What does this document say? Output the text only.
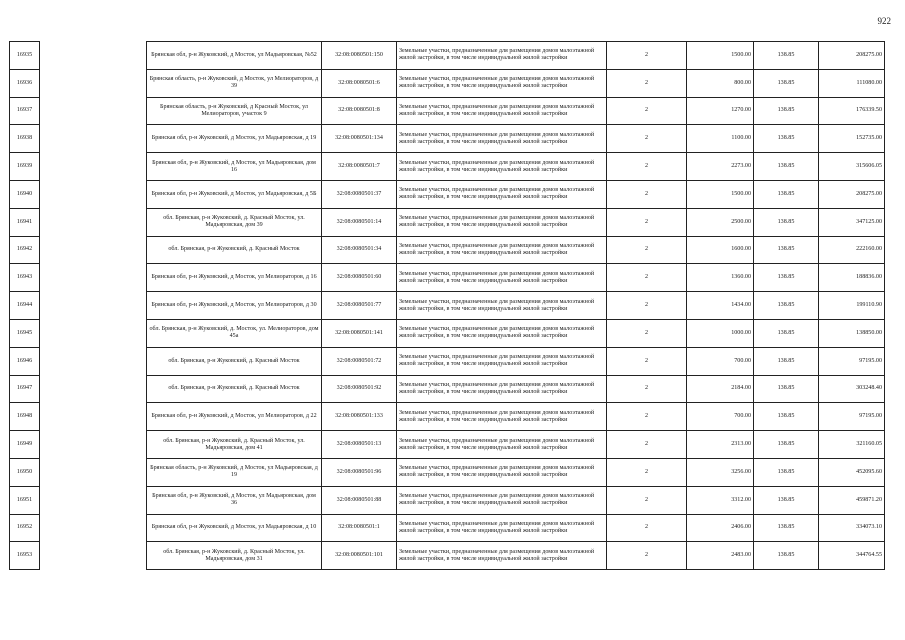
922
16935		Брянская обл, р-н Жуковский, д Мосток, ул Мадьяровская, №52	32:08:0080501:150	Земельные участки, предназначенные для размещения домов малоэтажной жилой застройки, в том числе индивидуальной жилой застройки	2	1500.00	138.85	208275.00
16936		Брянская область, р-н Жуковский, д Мосток, ул Мелиораторов, д 39	32:08:0080501:6	Земельные участки, предназначенные для размещения домов малоэтажной жилой застройки, в том числе индивидуальной жилой застройки	2	800.00	138.85	111080.00
16937		Брянская область, р-н Жуковский, д Красный Мосток, ул Мелиораторов, участок 9	32:08:0080501:8	Земельные участки, предназначенные для размещения домов малоэтажной жилой застройки, в том числе индивидуальной жилой застройки	2	1270.00	138.85	176339.50
16938		Брянская обл, р-н Жуковский, д Мосток, ул Мадьяровская, д 19	32:08:0080501:134	Земельные участки, предназначенные для размещения домов малоэтажной жилой застройки, в том числе индивидуальной жилой застройки	2	1100.00	138.85	152735.00
16939		Брянская обл, р-н Жуковский, д Мосток, ул Мадьяровская, дом 16	32:08:0080501:7	Земельные участки, предназначенные для размещения домов малоэтажной жилой застройки, в том числе индивидуальной жилой застройки	2	2273.00	138.85	315606.05
16940		Брянская обл, р-н Жуковский, д Мосток, ул Мадьяровская, д 5Б	32:08:0080501:37	Земельные участки, предназначенные для размещения домов малоэтажной жилой застройки, в том числе индивидуальной жилой застройки	2	1500.00	138.85	208275.00
16941		обл. Брянская, р-н Жуковский, д. Красный Мосток, ул. Мадьяровская, дом 39	32:08:0080501:14	Земельные участки, предназначенные для размещения домов малоэтажной жилой застройки, в том числе индивидуальной жилой застройки	2	2500.00	138.85	347125.00
16942		обл. Брянская, р-н Жуковский, д. Красный Мосток	32:08:0080501:34	Земельные участки, предназначенные для размещения домов малоэтажной жилой застройки, в том числе индивидуальной жилой застройки	2	1600.00	138.85	222160.00
16943		Брянская обл, р-н Жуковский, д Мосток, ул Мелиораторов, д 16	32:08:0080501:60	Земельные участки, предназначенные для размещения домов малоэтажной жилой застройки, в том числе индивидуальной жилой застройки	2	1360.00	138.85	188836.00
16944		Брянская обл, р-н Жуковский, д Мосток, ул Мелиораторов, д 30	32:08:0080501:77	Земельные участки, предназначенные для размещения домов малоэтажной жилой застройки, в том числе индивидуальной жилой застройки	2	1434.00	138.85	199110.90
16945		обл. Брянская, р-н Жуковский, д. Мосток, ул. Мелиораторов, дом 45а	32:08:0080501:141	Земельные участки, предназначенные для размещения домов малоэтажной жилой застройки, в том числе индивидуальной жилой застройки	2	1000.00	138.85	138850.00
16946		обл. Брянская, р-н Жуковский, д. Красный Мосток	32:08:0080501:72	Земельные участки, предназначенные для размещения домов малоэтажной жилой застройки, в том числе индивидуальной жилой застройки	2	700.00	138.85	97195.00
16947		обл. Брянская, р-н Жуковский, д. Красный Мосток	32:08:0080501:92	Земельные участки, предназначенные для размещения домов малоэтажной жилой застройки, в том числе индивидуальной жилой застройки	2	2184.00	138.85	303248.40
16948		Брянская обл, р-н Жуковский, д Мосток, ул Мелиораторов, д 22	32:08:0080501:133	Земельные участки, предназначенные для размещения домов малоэтажной жилой застройки, в том числе индивидуальной жилой застройки	2	700.00	138.85	97195.00
16949		обл. Брянская, р-н Жуковский, д. Красный Мосток, ул. Мадьяровская, дом 41	32:08:0080501:13	Земельные участки, предназначенные для размещения домов малоэтажной жилой застройки, в том числе индивидуальной жилой застройки	2	2313.00	138.85	321160.05
16950		Брянская область, р-н Жуковский, д Мосток, ул Мадьяровская, д 19	32:08:0080501:96	Земельные участки, предназначенные для размещения домов малоэтажной жилой застройки, в том числе индивидуальной жилой застройки	2	3256.00	138.85	452095.60
16951		Брянская обл, р-н Жуковский, д Мосток, ул Мадьяровская, дом 36	32:08:0080501:88	Земельные участки, предназначенные для размещения домов малоэтажной жилой застройки, в том числе индивидуальной жилой застройки	2	3312.00	138.85	459871.20
16952		Брянская обл, р-н Жуковский, д Мосток, ул Мадьяровская, д 10	32:08:0080501:1	Земельные участки, предназначенные для размещения домов малоэтажной жилой застройки, в том числе индивидуальной жилой застройки	2	2406.00	138.85	334073.10
16953		обл. Брянская, р-н Жуковский, д. Красный Мосток, ул. Мадьяровская, дом 31	32:08:0080501:101	Земельные участки, предназначенные для размещения домов малоэтажной жилой застройки, в том числе индивидуальной жилой застройки	2	2483.00	138.85	344764.55
